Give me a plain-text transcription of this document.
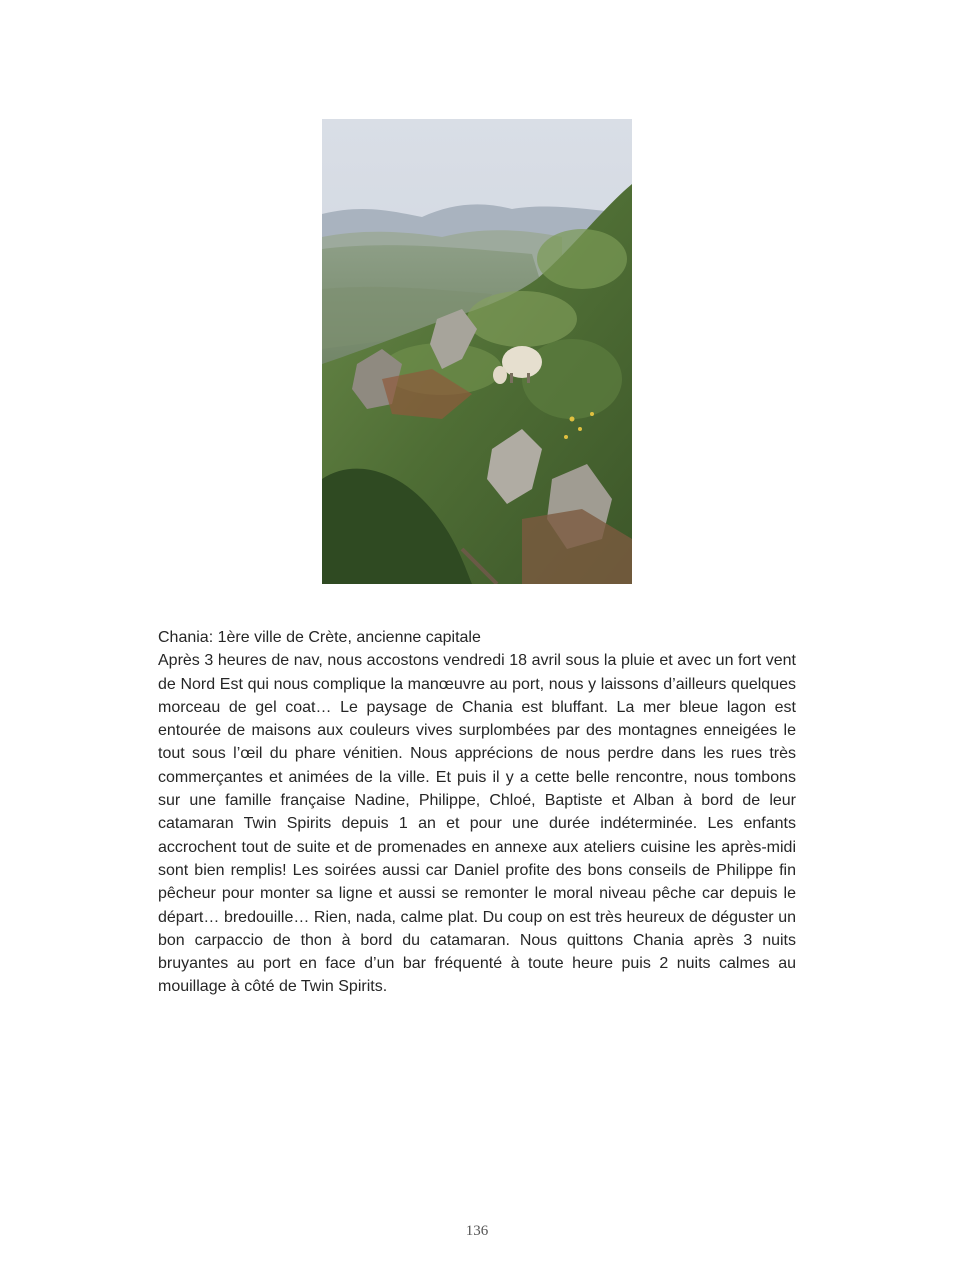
Chania: 1ère ville de Crète, ancienne capitale

Après 3 heures de nav, nous accostons vendredi 18 avril sous la pluie et avec un fort vent de Nord Est qui nous complique la manœuvre au port, nous y laissons d’ailleurs quelques morceau de gel coat… Le paysage de Chania est bluffant. La mer bleue lagon est entourée de maisons aux couleurs vives surplombées par des montagnes enneigées le tout sous l’œil du phare vénitien. Nous apprécions de nous perdre dans les rues très commerçantes et animées de la ville. Et puis il y a cette belle rencontre, nous tombons sur une famille française Nadine, Philippe, Chloé, Baptiste et Alban à bord de leur catamaran Twin Spirits depuis 1 an et pour une durée indéterminée. Les enfants accrochent tout de suite et de promenades en annexe aux ateliers cuisine les après-midi sont bien remplis! Les soirées aussi car Daniel profite des bons conseils de Philippe fin pêcheur pour monter sa ligne et aussi se remonter le moral niveau pêche car depuis le départ… bredouille… Rien, nada, calme plat. Du coup on est très heureux de déguster un bon carpaccio de thon à bord du catamaran. Nous quittons Chania après 3 nuits bruyantes au port en face d’un bar fréquenté à toute heure puis 2 nuits calmes au mouillage à côté de Twin Spirits.

136
